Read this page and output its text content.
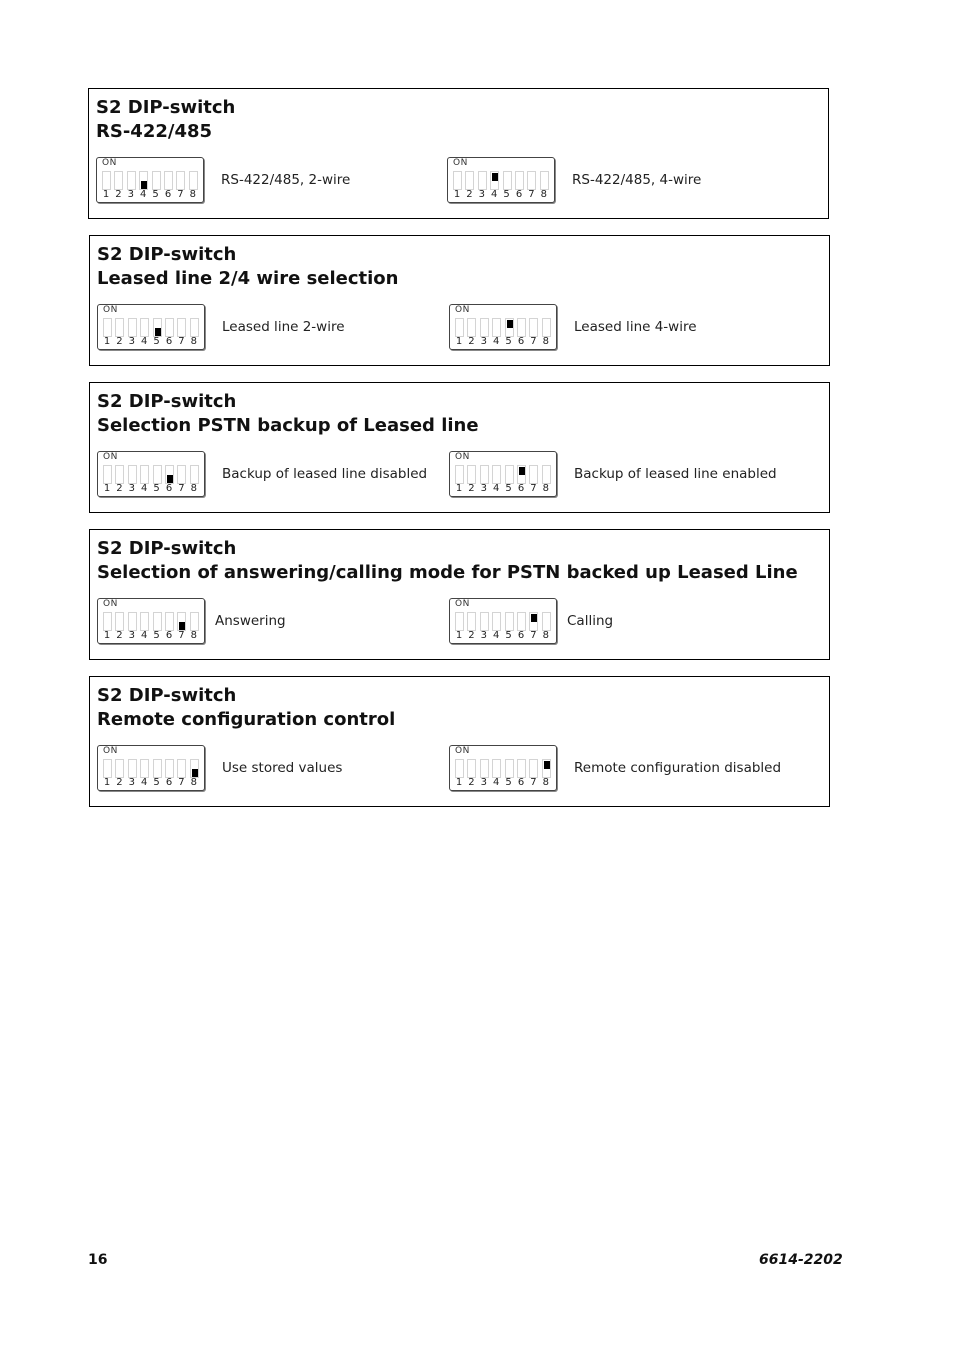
S2 DIP-switch
RS-422/485
ON
1 2 3 4 5 6 7 8
RS-422/485, 2-wire
ON
1 2 3 4 5 6 7 8
RS-422/485, 4-wire
S2 DIP-switch
Leased line 2/4 wire selection
ON
1 2 3 4 5 6 7 8
Leased line 2-wire
ON
1 2 3 4 5 6 7 8
Leased line 4-wire
S2 DIP-switch
Selection PSTN backup of Leased line
ON
1 2 3 4 5 6 7 8
Backup of leased line disabled
ON
1 2 3 4 5 6 7 8
Backup of leased line enabled
S2 DIP-switch
Selection of answering/calling mode for PSTN backed up Leased Line
ON
1 2 3 4 5 6 7 8
Answering
ON
1 2 3 4 5 6 7 8
Calling
S2 DIP-switch
Remote configuration control
ON
1 2 3 4 5 6 7 8
Use stored values
ON
1 2 3 4 5 6 7 8
Remote configuration disabled
16	6614-2202
